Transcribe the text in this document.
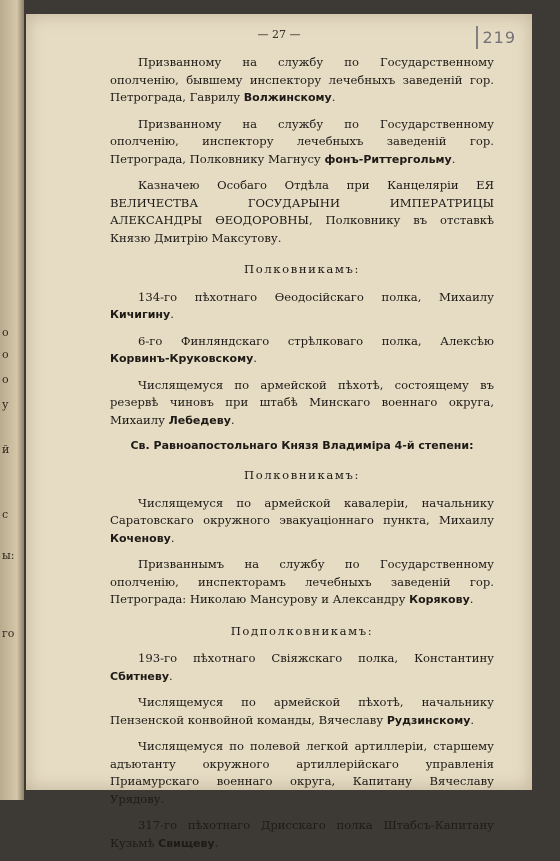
у
о
о
о
й
с
ы:
го
— 27 —	219

Призванному на службу по Государственному ополченію, бывшему инспектору лечебныхъ заведеній гор. Петрограда, Гаврилу Волжинскому.

Призванному на службу по Государственному ополченію, инспектору лечебныхъ заведеній гор. Петрограда, Полковнику Магнусу фонъ-Риттергольму.

Казначею Особаго Отдѣла при Канцеляріи ЕЯ ВЕЛИЧЕСТВА ГОСУДАРЫНИ ИМПЕРАТРИЦЫ АЛЕКСАНДРЫ ѲЕОДОРОВНЫ, Полковнику въ отставкѣ Князю Дмитрію Максутову.

Полковникамъ:

134-го пѣхотнаго Ѳеодосійскаго полка, Михаилу Кичигину.

6-го Финляндскаго стрѣлковаго полка, Алексѣю Корвинъ-Круковскому.

Числящемуся по армейской пѣхотѣ, состоящему въ резервѣ чиновъ при штабѣ Минскаго военнаго округа, Михаилу Лебедеву.

Св. Равноапостольнаго Князя Владиміра 4-й степени:
Полковникамъ:

Числящемуся по армейской кавалеріи, начальнику Саратовскаго окружного эвакуаціоннаго пункта, Михаилу Коченову.

Призваннымъ на службу по Государственному ополченію, инспекторамъ лечебныхъ заведеній гор. Петрограда: Николаю Мансурову и Александру Корякову.

Подполковникамъ:

193-го пѣхотнаго Свіяжскаго полка, Константину Сбитневу.

Числящемуся по армейской пѣхотѣ, начальнику Пензенской конвойной команды, Вячеславу Рудзинскому.

Числящемуся по полевой легкой артиллеріи, старшему адъютанту окружного артиллерійскаго управленія Приамурскаго военнаго округа, Капитану Вячеславу Урядову.

317-го пѣхотнаго Дрисскаго полка Штабсъ-Капитану Кузьмѣ Свищеву.
